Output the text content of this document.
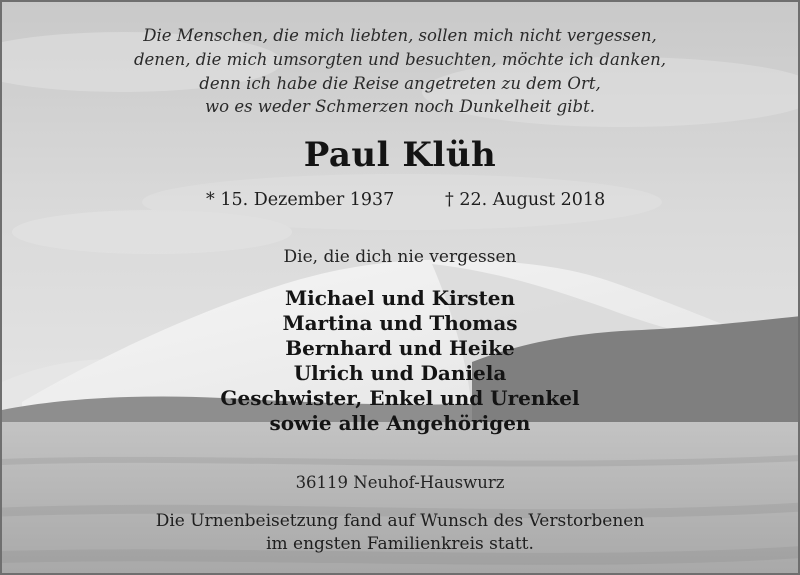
Die Menschen, die mich liebten, sollen mich nicht vergessen,
denen, die mich umsorgten und besuchten, möchte ich danken,
denn ich habe die Reise angetreten zu dem Ort,
wo es weder Schmerzen noch Dunkelheit gibt.
Paul Klüh
* 15. Dezember 1937	† 22. August 2018
Die, die dich nie vergessen
Michael und Kirsten
Martina und Thomas
Bernhard und Heike
Ulrich und Daniela
Geschwister, Enkel und Urenkel
sowie alle Angehörigen
36119 Neuhof-Hauswurz
Die Urnenbeisetzung fand auf Wunsch des Verstorbenen
im engsten Familienkreis statt.
